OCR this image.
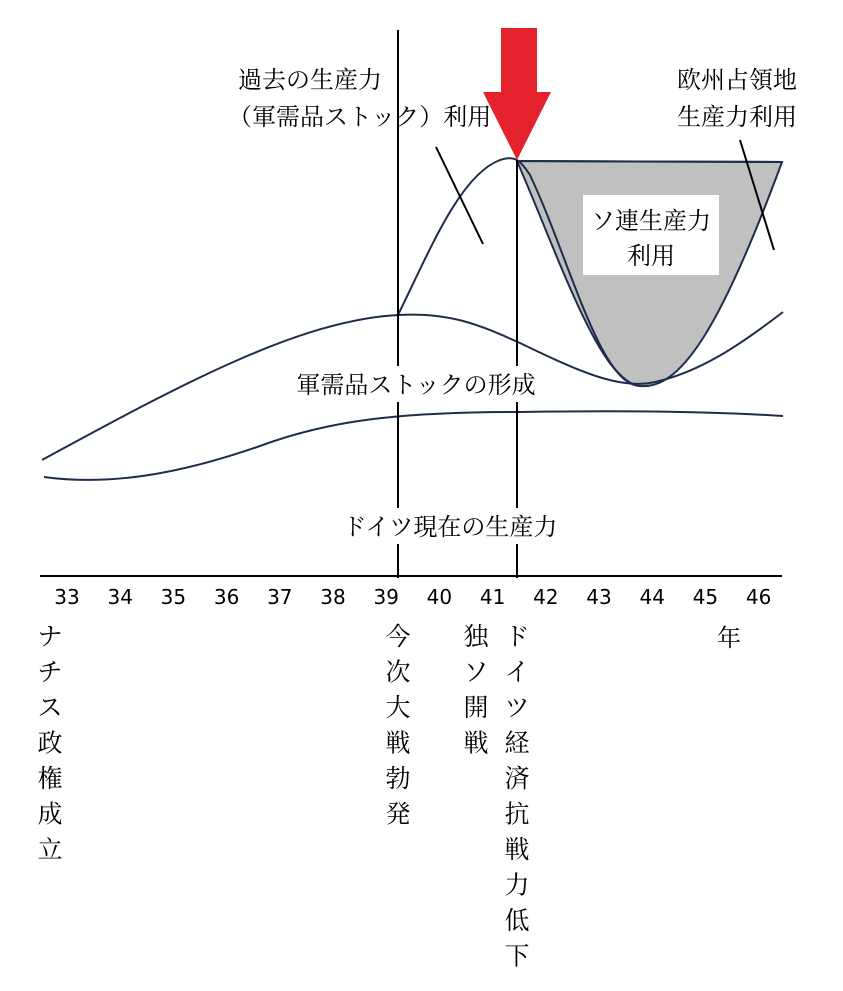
33 34 35 36 37 38 39 40 41 42 43 44 45 46
年
過去の生産力
（軍需品ストック）利用
欧州占領地
生産力利用
ソ連生産力
利用
軍需品ストックの形成
ドイツ現在の生産力
ナ
チ
ス
政
権
成
立
今
次
大
戦
勃
発
独
ソ
開
戦
ド
イ
ツ
経
済
抗
戦
力
低
下
